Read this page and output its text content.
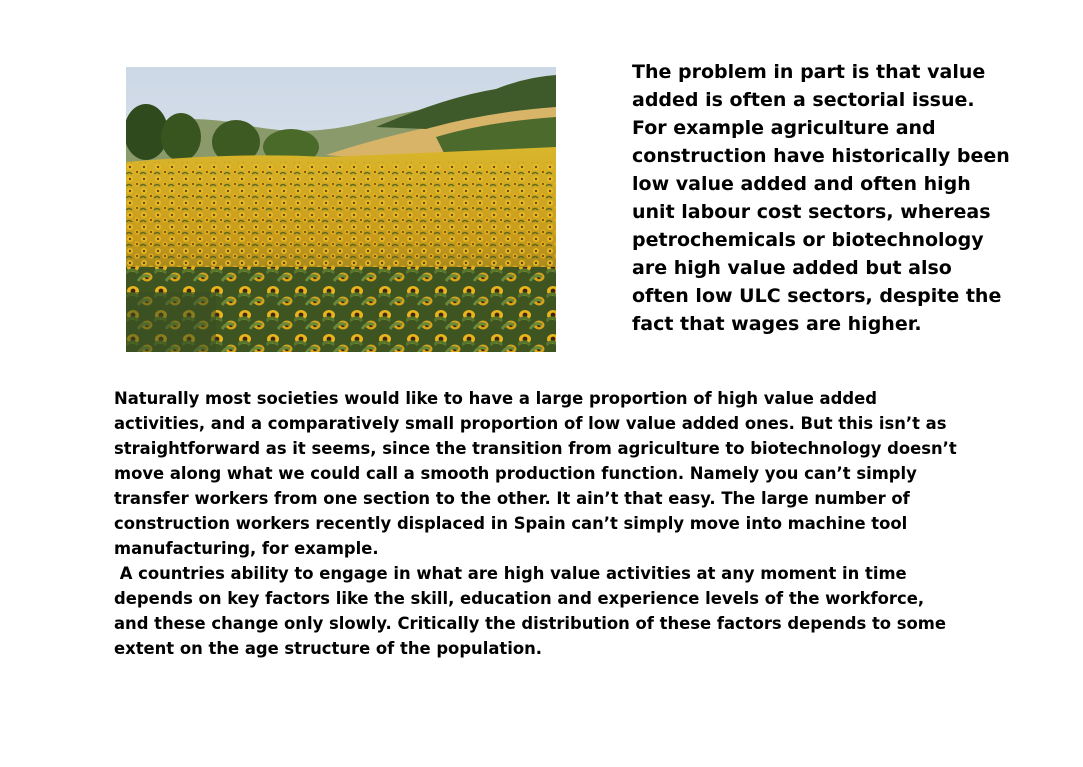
The problem in part is that value added is often a sectorial issue. For example agriculture and construction have historically been low value added and often high unit labour cost sectors, whereas petrochemicals or biotechnology are high value added but also often low ULC sectors, despite the fact that wages are higher.

Naturally most societies would like to have a large proportion of high value added activities, and a comparatively small proportion of low value added ones. But this isn’t as straightforward as it seems, since the transition from agriculture to biotechnology doesn’t move along what we could call a smooth production function. Namely you can’t simply transfer workers from one section to the other. It ain’t that easy. The large number of construction workers recently displaced in Spain can’t simply move into machine tool manufacturing, for example.

A countries ability to engage in what are high value activities at any moment in time depends on key factors like the skill, education and experience levels of the workforce, and these change only slowly. Critically the distribution of these factors depends to some extent on the age structure of the population.
